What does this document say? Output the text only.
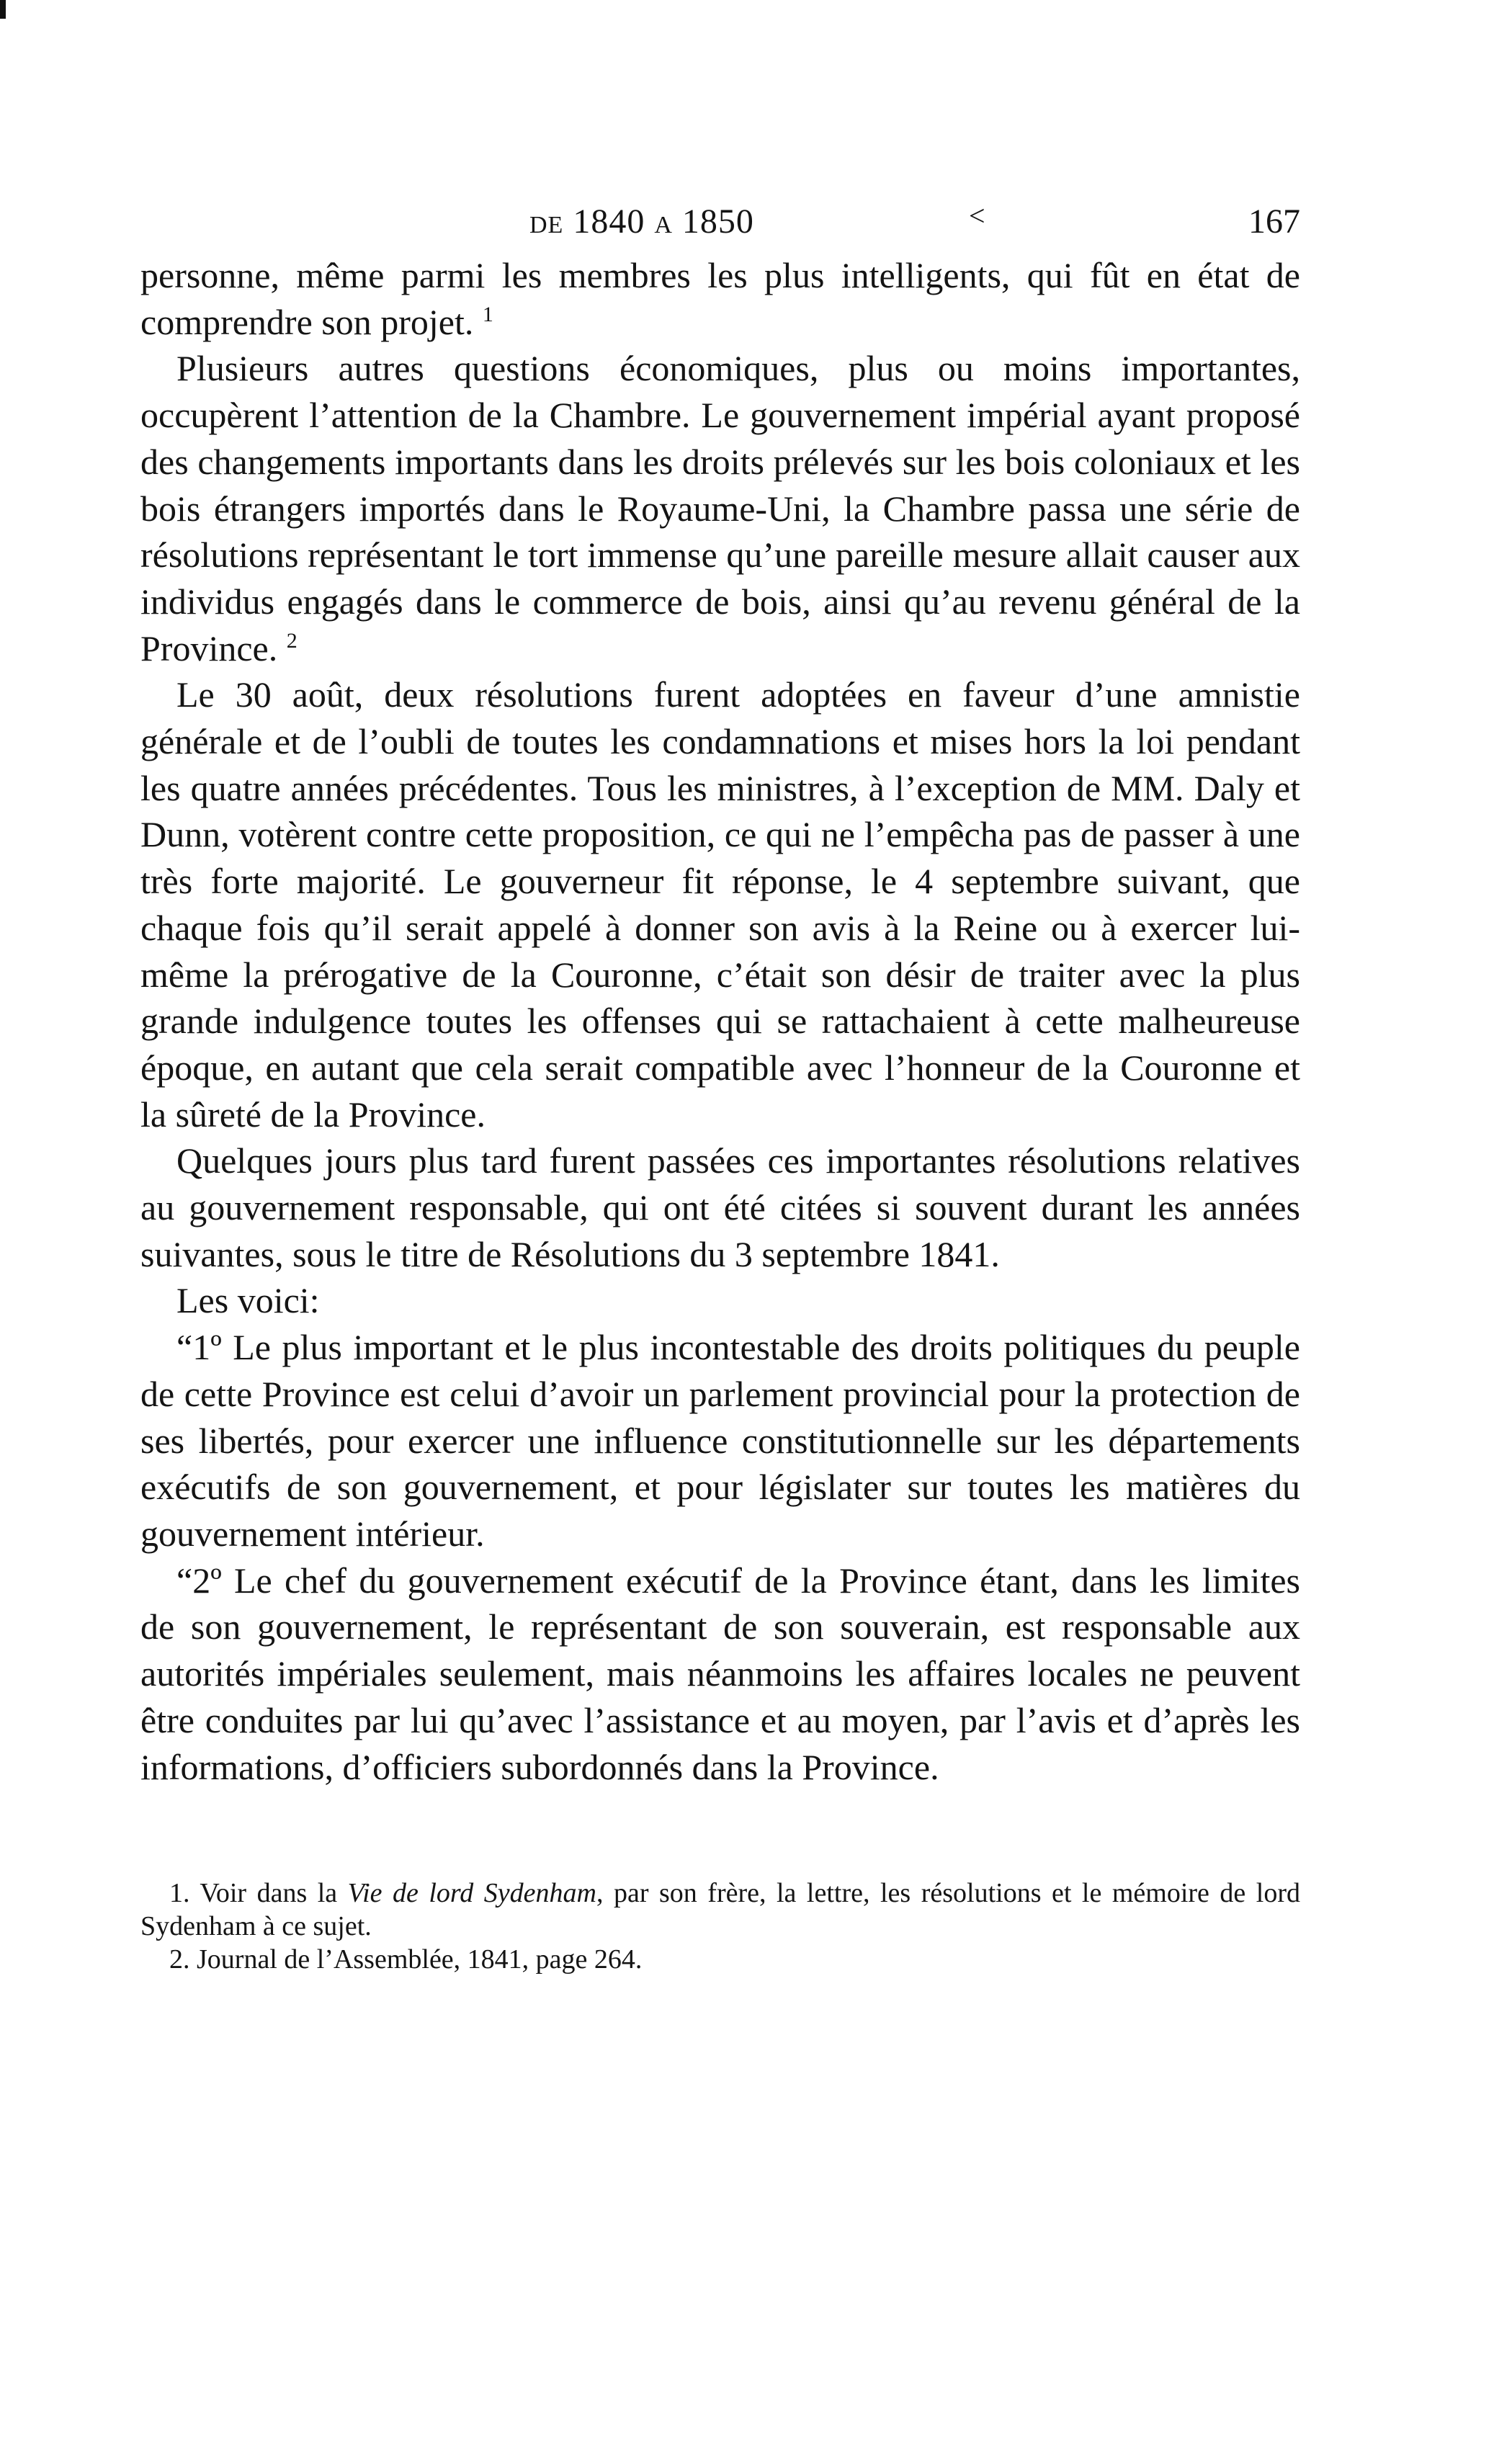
de 1840 a 1850	˂	167

personne, même parmi les membres les plus intelligents, qui fût en état de comprendre son projet. $^1$

Plusieurs autres questions économiques, plus ou moins importantes, occupèrent l’attention de la Chambre. Le gouvernement impérial ayant proposé des changements importants dans les droits prélevés sur les bois coloniaux et les bois étrangers importés dans le Royaume-Uni, la Chambre passa une série de résolutions représentant le tort immense qu’une pareille mesure allait causer aux individus engagés dans le commerce de bois, ainsi qu’au revenu général de la Province. $^2$

Le 30 août, deux résolutions furent adoptées en faveur d’une amnistie générale et de l’oubli de toutes les condamnations et mises hors la loi pendant les quatre années précédentes. Tous les ministres, à l’exception de MM. Daly et Dunn, votèrent contre cette proposition, ce qui ne l’empêcha pas de passer à une très forte majorité. Le gouverneur fit réponse, le 4 septembre suivant, que chaque fois qu’il serait appelé à donner son avis à la Reine ou à exercer lui-même la prérogative de la Couronne, c’était son désir de traiter avec la plus grande indulgence toutes les offenses qui se rattachaient à cette malheureuse époque, en autant que cela serait compatible avec l’honneur de la Couronne et la sûreté de la Province.

Quelques jours plus tard furent passées ces importantes résolutions relatives au gouvernement responsable, qui ont été citées si souvent durant les années suivantes, sous le titre de Résolutions du 3 septembre 1841.

Les voici:

“1º Le plus important et le plus incontestable des droits politiques du peuple de cette Province est celui d’avoir un parlement provincial pour la protection de ses libertés, pour exercer une influence constitutionnelle sur les départements exécutifs de son gouvernement, et pour législater sur toutes les matières du gouvernement intérieur.

“2º Le chef du gouvernement exécutif de la Province étant, dans les limites de son gouvernement, le représentant de son souverain, est responsable aux autorités impériales seulement, mais néanmoins les affaires locales ne peuvent être conduites par lui qu’avec l’assistance et au moyen, par l’avis et d’après les informations, d’officiers subordonnés dans la Province.

1. Voir dans la Vie de lord Sydenham, par son frère, la lettre, les résolutions et le mémoire de lord Sydenham à ce sujet.

2. Journal de l’Assemblée, 1841, page 264.
